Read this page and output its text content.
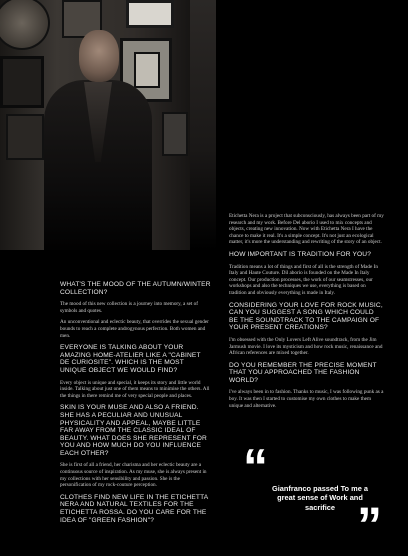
Etichetta Nera is a project that subconsciously, has always been part of my research and my work. Before Del aborio I used to mix concepts and objects, creating new innovation. Now with Etichetta Nera I have the chance to make it real. It's a simple concept. It's not just an ecological matter, it's more the understanding and rewriting of the story of an object.

HOW IMPORTANT IS TRADITION FOR YOU?

Tradition means a lot of things and first of all is the strength of Made In Italy and Haute Couture. Dil aborio is founded on the Made In Italy concept. Our production processes, the work of our seamstresses, our workshops and also the techniques we use, everything is based on tradition and obviously everything is made in Italy.

CONSIDERING YOUR LOVE FOR ROCK MUSIC, CAN YOU SUGGEST A SONG WHICH COULD BE THE SOUNDTRACK TO THE CAMPAIGN OF YOUR PRESENT CREATIONS?

I'm obsessed with the Only Lovers Left Alive soundtrack, from the Jim Jarmush movie. I love its mysticism and how rock music, renaissance and African references are mixed together.

DO YOU REMEMBER THE PRECISE MOMENT THAT YOU APPROACHED THE FASHION WORLD?

I've always been in to fashion. Thanks to music, I was following punk as a boy. It was then I started to customise my own clothes to make them unique and alternative.

WHAT'S THE MOOD OF THE AUTUMN/WINTER COLLECTION?

The mood of this new collection is a journey into memory, a set of symbols and quotes.

An unconventional and eclectic beauty, that overrides the sexual gender bounds to reach a complete androgynous perfection. Both women and men.

EVERYONE IS TALKING ABOUT YOUR AMAZING HOME-ATELIER LIKE A "CABINET DE CURIOSITE". WHICH IS THE MOST UNIQUE OBJECT WE WOULD FIND?

Every object is unique and special, it keeps its story and little world inside. Talking about just one of them means to minimise the others. All the things in there remind me of very special people and places.

SKIN IS YOUR MUSE AND ALSO A FRIEND. SHE HAS A PECULIAR AND UNUSUAL PHYSICALITY AND APPEAL, MAYBE LITTLE FAR AWAY FROM THE CLASSIC IDEAL OF BEAUTY. WHAT DOES SHE REPRESENT FOR YOU AND HOW MUCH DO YOU INFLUENCE EACH OTHER?

She is first of all a friend, her charisma and her eclectic beauty are a continuous source of inspiration. As my muse, she is always present in my collections with her sensibility and passion. She is the personification of my rock-couture perception.

CLOTHES FIND NEW LIFE IN THE ETICHETTA NERA AND NATURAL TEXTILES FOR THE ETICHETTA ROSSA. DO YOU CARE FOR THE IDEA OF "GREEN FASHION"?
“ Gianfranco passed To me a great sense of Work and sacrifice ”
